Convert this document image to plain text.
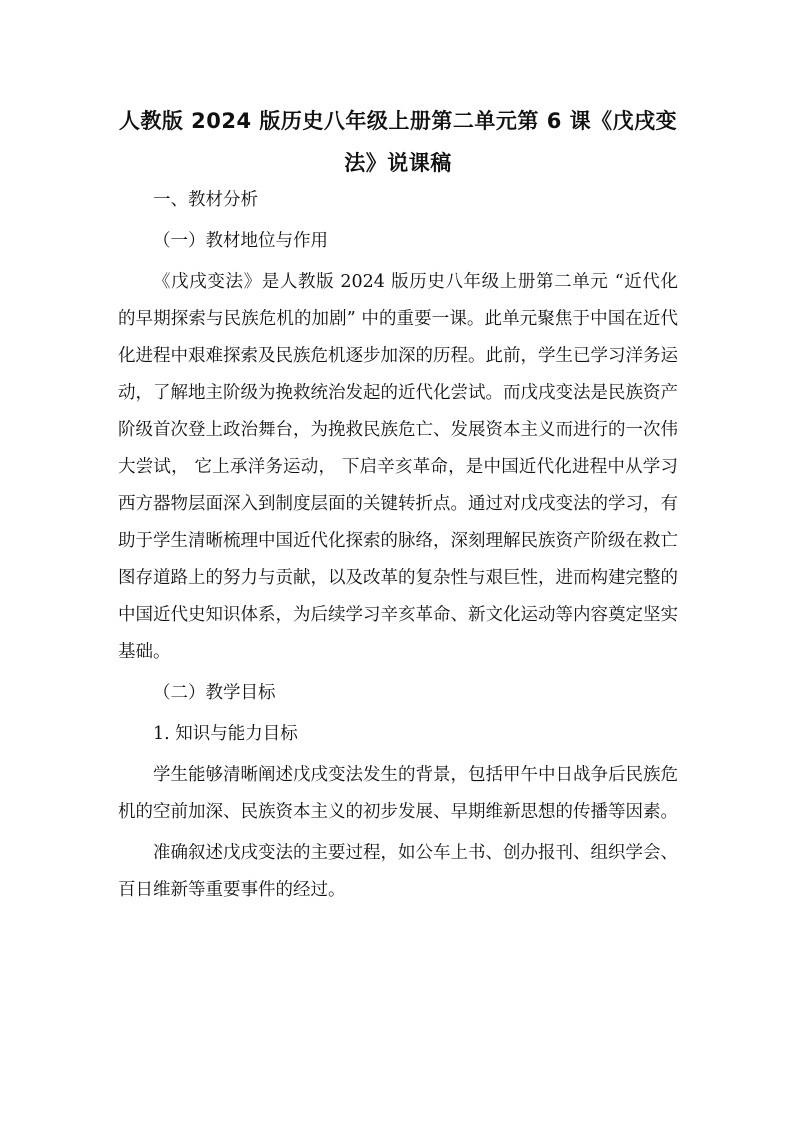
人教版 2024 版历史八年级上册第二单元第 6 课《戊戌变法》说课稿

一、教材分析

（一）教材地位与作用

《戊戌变法》是人教版 2024 版历史八年级上册第二单元 “近代化的早期探索与民族危机的加剧” 中的重要一课。此单元聚焦于中国在近代化进程中艰难探索及民族危机逐步加深的历程。此前，学生已学习洋务运动，了解地主阶级为挽救统治发起的近代化尝试。而戊戌变法是民族资产阶级首次登上政治舞台，为挽救民族危亡、发展资本主义而进行的一次伟大尝试， 它上承洋务运动， 下启辛亥革命，是中国近代化进程中从学习西方器物层面深入到制度层面的关键转折点。通过对戊戌变法的学习，有助于学生清晰梳理中国近代化探索的脉络，深刻理解民族资产阶级在救亡图存道路上的努力与贡献，以及改革的复杂性与艰巨性，进而构建完整的中国近代史知识体系，为后续学习辛亥革命、新文化运动等内容奠定坚实基础。

（二）教学目标

1. 知识与能力目标

学生能够清晰阐述戊戌变法发生的背景，包括甲午中日战争后民族危机的空前加深、民族资本主义的初步发展、早期维新思想的传播等因素。

准确叙述戊戌变法的主要过程，如公车上书、创办报刊、组织学会、百日维新等重要事件的经过。
